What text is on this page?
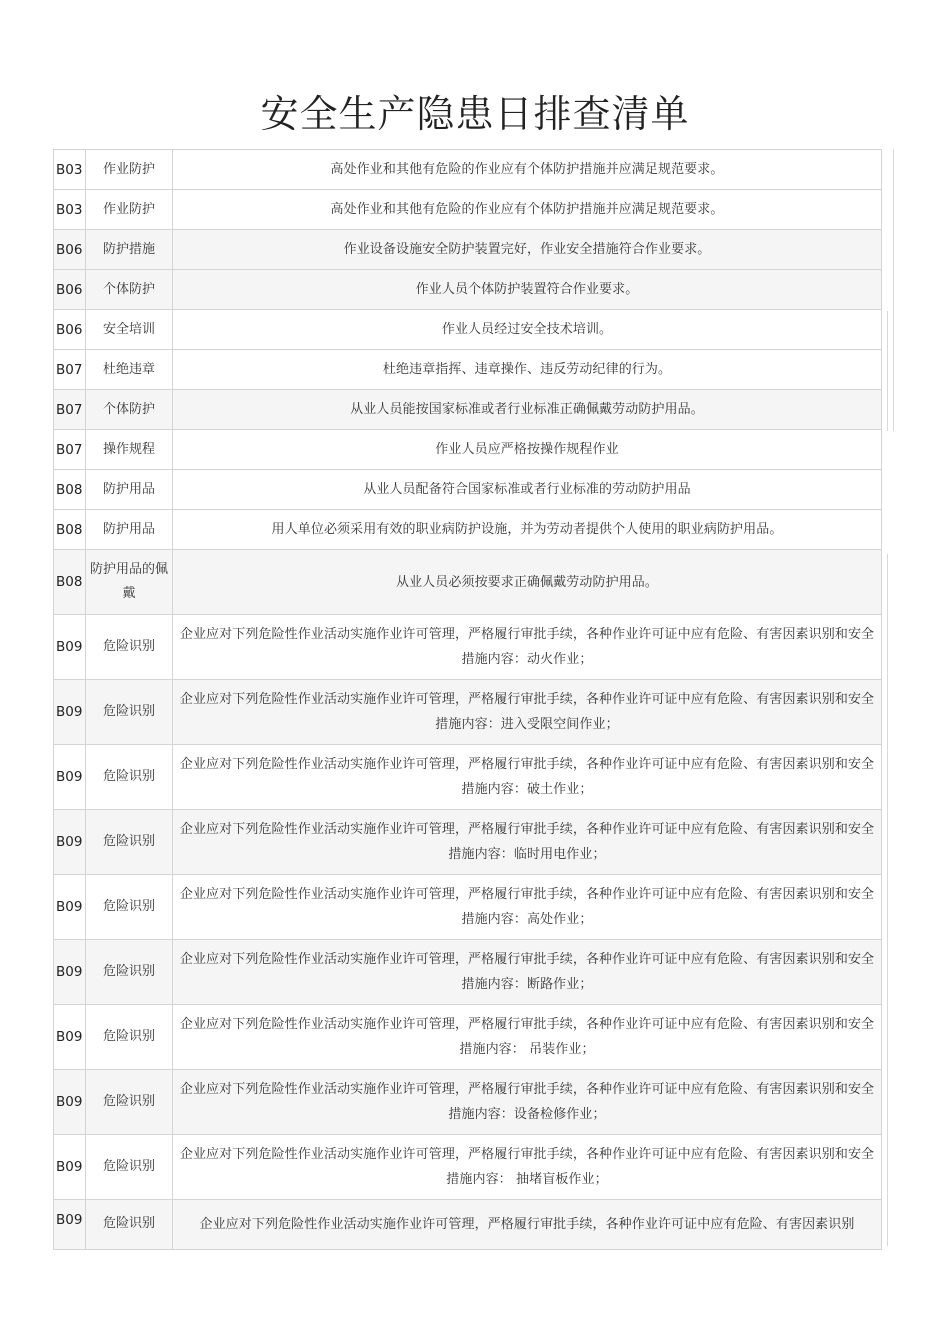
安全生产隐患日排查清单
B03	作业防护	高处作业和其他有危险的作业应有个体防护措施并应满足规范要求。
B03	作业防护	高处作业和其他有危险的作业应有个体防护措施并应满足规范要求。
B06	防护措施	作业设备设施安全防护装置完好，作业安全措施符合作业要求。
B06	个体防护	作业人员个体防护装置符合作业要求。
B06	安全培训	作业人员经过安全技术培训。
B07	杜绝违章	杜绝违章指挥、违章操作、违反劳动纪律的行为。
B07	个体防护	从业人员能按国家标准或者行业标准正确佩戴劳动防护用品。
B07	操作规程	作业人员应严格按操作规程作业
B08	防护用品	从业人员配备符合国家标准或者行业标准的劳动防护用品
B08	防护用品	用人单位必须采用有效的职业病防护设施，并为劳动者提供个人使用的职业病防护用品。
B08	防护用品的佩戴	从业人员必须按要求正确佩戴劳动防护用品。
B09	危险识别	企业应对下列危险性作业活动实施作业许可管理，严格履行审批手续，各种作业许可证中应有危险、有害因素识别和安全措施内容：动火作业；
B09	危险识别	企业应对下列危险性作业活动实施作业许可管理，严格履行审批手续，各种作业许可证中应有危险、有害因素识别和安全措施内容：进入受限空间作业；
B09	危险识别	企业应对下列危险性作业活动实施作业许可管理，严格履行审批手续，各种作业许可证中应有危险、有害因素识别和安全措施内容：破土作业；
B09	危险识别	企业应对下列危险性作业活动实施作业许可管理，严格履行审批手续，各种作业许可证中应有危险、有害因素识别和安全措施内容：临时用电作业；
B09	危险识别	企业应对下列危险性作业活动实施作业许可管理，严格履行审批手续，各种作业许可证中应有危险、有害因素识别和安全措施内容：高处作业；
B09	危险识别	企业应对下列危险性作业活动实施作业许可管理，严格履行审批手续，各种作业许可证中应有危险、有害因素识别和安全措施内容：断路作业；
B09	危险识别	企业应对下列危险性作业活动实施作业许可管理，严格履行审批手续，各种作业许可证中应有危险、有害因素识别和安全措施内容： 吊装作业；
B09	危险识别	企业应对下列危险性作业活动实施作业许可管理，严格履行审批手续，各种作业许可证中应有危险、有害因素识别和安全措施内容：设备检修作业；
B09	危险识别	企业应对下列危险性作业活动实施作业许可管理，严格履行审批手续，各种作业许可证中应有危险、有害因素识别和安全措施内容： 抽堵盲板作业；
B09	危险识别	企业应对下列危险性作业活动实施作业许可管理，严格履行审批手续，各种作业许可证中应有危险、有害因素识别
